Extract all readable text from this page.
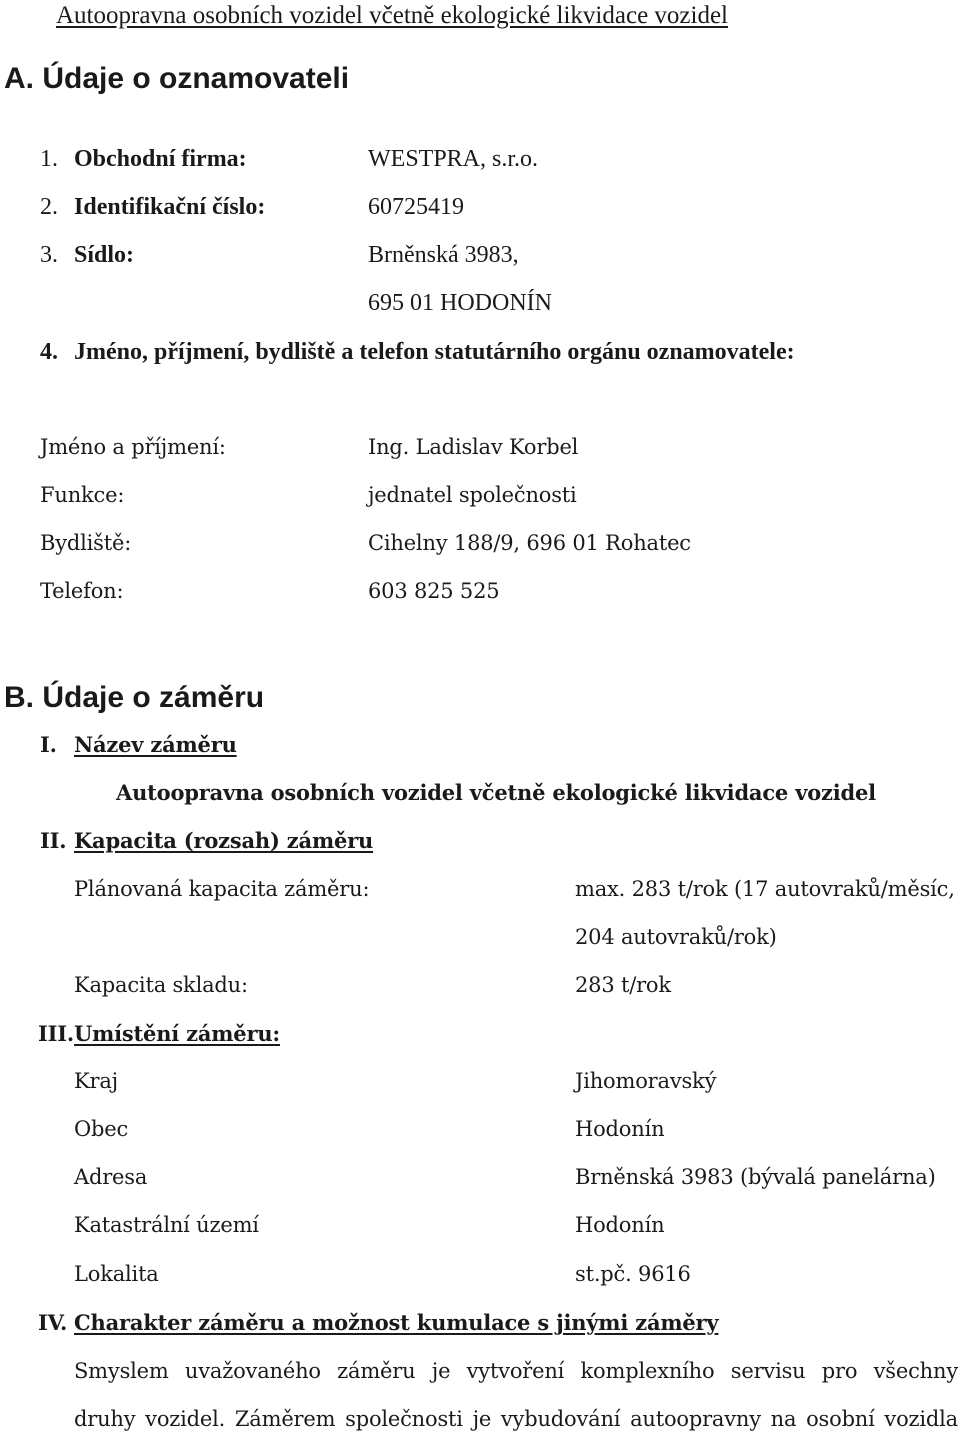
Autoopravna osobních vozidel včetně ekologické likvidace vozidel
A. Údaje o oznamovateli
1. Obchodní firma:	WESTPRA, s.r.o.
2. Identifikační číslo:	60725419
3. Sídlo:	Brněnská 3983,
695 01 HODONÍN
4. Jméno, příjmení, bydliště a telefon statutárního orgánu oznamovatele:
Jméno a příjmení:	Ing. Ladislav Korbel
Funkce:	jednatel společnosti
Bydliště:	Cihelny 188/9, 696 01 Rohatec
Telefon:	603 825 525
B. Údaje o záměru
I. Název záměru
Autoopravna osobních vozidel včetně ekologické likvidace vozidel
II. Kapacita (rozsah) záměru
Plánovaná kapacita záměru:	max. 283 t/rok (17 autovraků/měsíc,
204 autovraků/rok)
Kapacita skladu:	283 t/rok
III. Umístění záměru:
Kraj	Jihomoravský
Obec	Hodonín
Adresa	Brněnská 3983 (bývalá panelárna)
Katastrální území	Hodonín
Lokalita	st.pč. 9616
IV. Charakter záměru a možnost kumulace s jinými záměry
Smyslem uvažovaného záměru je vytvoření komplexního servisu pro všechny
druhy vozidel. Záměrem společnosti je vybudování autoopravny na osobní vozidla
